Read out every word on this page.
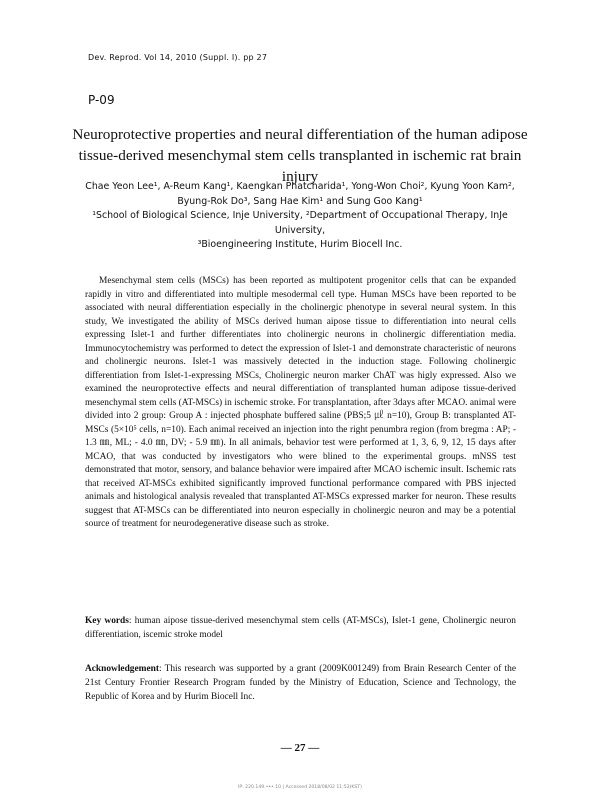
Dev. Reprod. Vol 14, 2010 (Suppl. I). pp 27
P-09
Neuroprotective properties and neural differentiation of the human adipose
tissue-derived mesenchymal stem cells transplanted in ischemic rat brain injury
Chae Yeon Lee¹, A-Reum Kang¹, Kaengkan Phatcharida¹, Yong-Won Choi², Kyung Yoon Kam²,
Byung-Rok Do³, Sang Hae Kim¹ and Sung Goo Kang¹
¹School of Biological Science, Inje University, ²Department of Occupational Therapy, InJe University,
³Bioengineering Institute, Hurim Biocell Inc.

Mesenchymal stem cells (MSCs) has been reported as multipotent progenitor cells that can be expanded rapidly in vitro and differentiated into multiple mesodermal cell type. Human MSCs have been reported to be associated with neural differentiation especially in the cholinergic phenotype in several neural system. In this study, We investigated the ability of MSCs derived human aipose tissue to differentiation into neural cells expressing Islet-1 and further differentiates into cholinergic neurons in cholinergic differentiation media. Immunocytochemistry was performed to detect the expression of Islet-1 and demonstrate characteristic of neurons and cholinergic neurons. Islet-1 was massively detected in the induction stage. Following cholinergic differentiation from Islet-1-expressing MSCs, Cholinergic neuron marker ChAT was higly expressed. Also we examined the neuroprotective effects and neural differentiation of transplanted human adipose tissue-derived mesenchymal stem cells (AT-MSCs) in ischemic stroke. For transplantation, after 3days after MCAO. animal were divided into 2 group: Group A : injected phosphate buffered saline (PBS;5 ㎕ n=10), Group B: transplanted AT-MSCs (5×10⁵ cells, n=10). Each animal received an injection into the right penumbra region (from bregma : AP; - 1.3 ㎜, ML; - 4.0 ㎜, DV; - 5.9 ㎜). In all animals, behavior test were performed at 1, 3, 6, 9, 12, 15 days after MCAO, that was conducted by investigators who were blined to the experimental groups. mNSS test demonstrated that motor, sensory, and balance behavior were impaired after MCAO ischemic insult. Ischemic rats that received AT-MSCs exhibited significantly improved functional performance compared with PBS injected animals and histological analysis revealed that transplanted AT-MSCs expressed marker for neuron. These results suggest that AT-MSCs can be differentiated into neuron especially in cholinergic neuron and may be a potential source of treatment for neurodegenerative disease such as stroke.

Key words: human aipose tissue-derived mesenchymal stem cells (AT-MSCs), Islet-1 gene, Cholinergic neuron differentiation, iscemic stroke model
Acknowledgement: This research was supported by a grant (2009K001249) from Brain Research Center of the 21st Century Frontier Research Program funded by the Ministry of Education, Science and Technology, the Republic of Korea and by Hurim Biocell Inc.
— 27 —
IP: 220.149.•••.10 | Accessed 2018/08/02 11:52(KST)
